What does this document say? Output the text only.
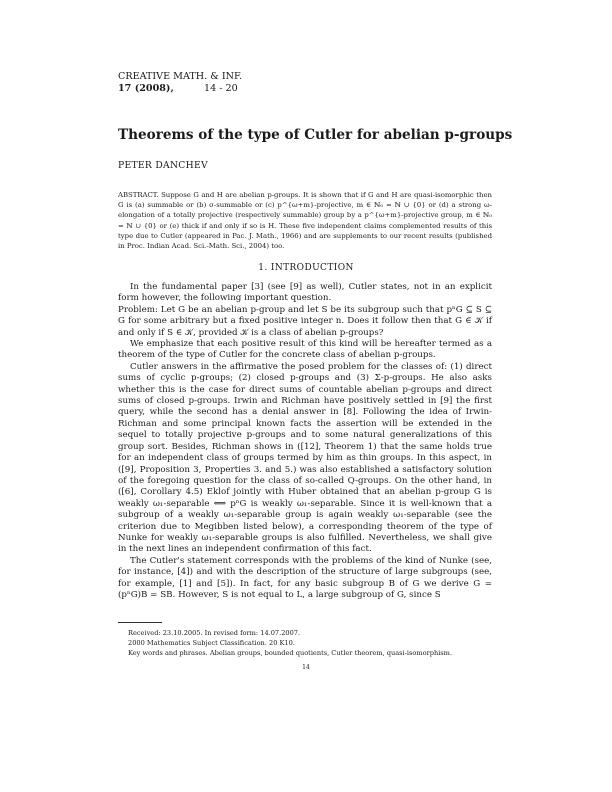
CREATIVE MATH. & INF.
17 (2008),	14 - 20
Theorems of the type of Cutler for abelian p-groups
PETER DANCHEV
ABSTRACT. Suppose G and H are abelian p-groups. It is shown that if G and H are quasi-isomorphic then G is (a) summable or (b) σ-summable or (c) p^{ω+m}-projective, m ∈ ℕ₀ = ℕ ∪ {0} or (d) a strong ω-elongation of a totally projective (respectively summable) group by a p^{ω+m}-projective group, m ∈ ℕ₀ = ℕ ∪ {0} or (e) thick if and only if so is H. These five independent claims complemented results of this type due to Cutler (appeared in Pac. J. Math., 1966) and are supplements to our recent results (published in Proc. Indian Acad. Sci.-Math. Sci., 2004) too.
1. INTRODUCTION

In the fundamental paper [3] (see [9] as well), Cutler states, not in an explicit form however, the following important question.

Problem: Let G be an abelian p-group and let S be its subgroup such that pⁿG ⊆ S ⊆ G for some arbitrary but a fixed positive integer n. Does it follow then that G ∈ 𝒦 if and only if S ∈ 𝒦, provided 𝒦 is a class of abelian p-groups?

We emphasize that each positive result of this kind will be hereafter termed as a theorem of the type of Cutler for the concrete class of abelian p-groups.

Cutler answers in the affirmative the posed problem for the classes of: (1) direct sums of cyclic p-groups; (2) closed p-groups and (3) Σ-p-groups. He also asks whether this is the case for direct sums of countable abelian p-groups and direct sums of closed p-groups. Irwin and Richman have positively settled in [9] the first query, while the second has a denial answer in [8]. Following the idea of Irwin-Richman and some principal known facts the assertion will be extended in the sequel to totally projective p-groups and to some natural generalizations of this group sort. Besides, Richman shows in ([12], Theorem 1) that the same holds true for an independent class of groups termed by him as thin groups. In this aspect, in ([9], Proposition 3, Properties 3. and 5.) was also established a satisfactory solution of the foregoing question for the class of so-called Q-groups. On the other hand, in ([6], Corollary 4.5) Eklof jointly with Huber obtained that an abelian p-group G is weakly ω₁-separable ⟺ pⁿG is weakly ω₁-separable. Since it is well-known that a subgroup of a weakly ω₁-separable group is again weakly ω₁-separable (see the criterion due to Megibben listed below), a corresponding theorem of the type of Nunke for weakly ω₁-separable groups is also fulfilled. Nevertheless, we shall give in the next lines an independent confirmation of this fact.

The Cutler's statement corresponds with the problems of the kind of Nunke (see, for instance, [4]) and with the description of the structure of large subgroups (see, for example, [1] and [5]). In fact, for any basic subgroup B of G we derive G = (pⁿG)B = SB. However, S is not equal to L, a large subgroup of G, since S

Received: 23.10.2005. In revised form: 14.07.2007.
2000 Mathematics Subject Classification. 20 K10.
Key words and phrases. Abelian groups, bounded quotients, Cutler theorem, quasi-isomorphism.
14
